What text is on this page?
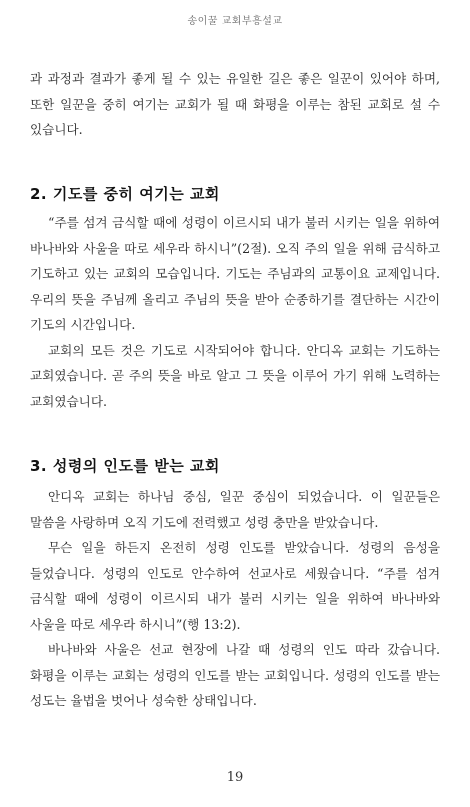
송이꿀 교회부흥설교

과 과정과 결과가 좋게 될 수 있는 유일한 길은 좋은 일꾼이 있어야 하며, 또한 일꾼을 중히 여기는 교회가 될 때 화평을 이루는 참된 교회로 설 수 있습니다.

2. 기도를 중히 여기는 교회

“주를 섬겨 금식할 때에 성령이 이르시되 내가 불러 시키는 일을 위하여 바나바와 사울을 따로 세우라 하시니”(2절). 오직 주의 일을 위해 금식하고 기도하고 있는 교회의 모습입니다. 기도는 주님과의 교통이요 교제입니다. 우리의 뜻을 주님께 올리고 주님의 뜻을 받아 순종하기를 결단하는 시간이 기도의 시간입니다.

교회의 모든 것은 기도로 시작되어야 합니다. 안디옥 교회는 기도하는 교회였습니다. 곧 주의 뜻을 바로 알고 그 뜻을 이루어 가기 위해 노력하는 교회였습니다.

3. 성령의 인도를 받는 교회

안디옥 교회는 하나님 중심, 일꾼 중심이 되었습니다. 이 일꾼들은 말씀을 사랑하며 오직 기도에 전력했고 성령 충만을 받았습니다.

무슨 일을 하든지 온전히 성령 인도를 받았습니다. 성령의 음성을 들었습니다. 성령의 인도로 안수하여 선교사로 세웠습니다. “주를 섬겨 금식할 때에 성령이 이르시되 내가 불러 시키는 일을 위하여 바나바와 사울을 따로 세우라 하시니”(행 13:2).

바나바와 사울은 선교 현장에 나갈 때 성령의 인도 따라 갔습니다. 화평을 이루는 교회는 성령의 인도를 받는 교회입니다. 성령의 인도를 받는 성도는 율법을 벗어나 성숙한 상태입니다.

19
